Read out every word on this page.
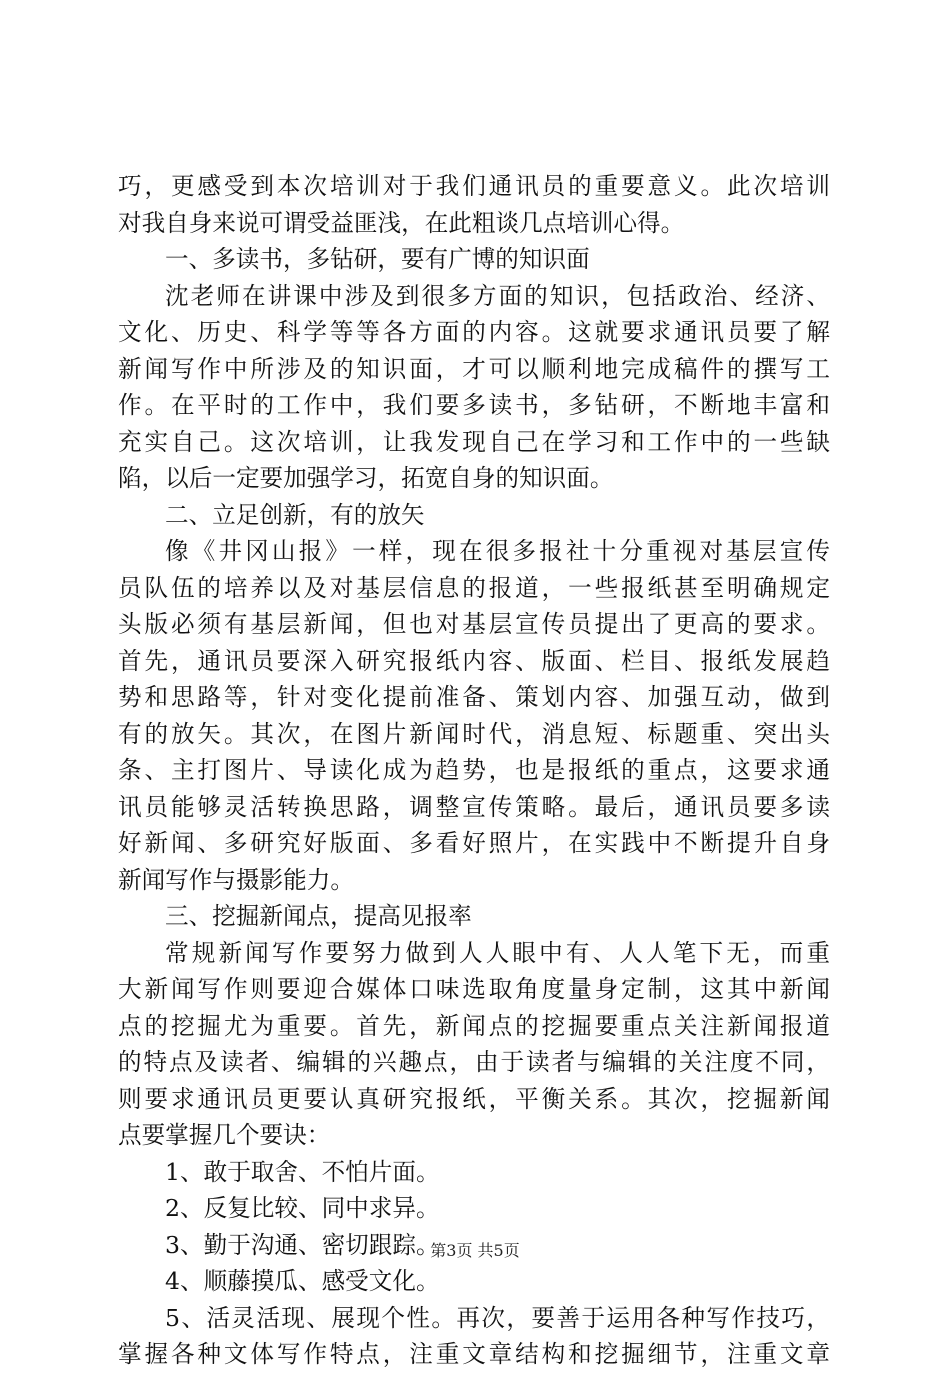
巧，更感受到本次培训对于我们通讯员的重要意义。此次培训
对我自身来说可谓受益匪浅，在此粗谈几点培训心得。
一、多读书，多钻研，要有广博的知识面
沈老师在讲课中涉及到很多方面的知识，包括政治、经济、
文化、历史、科学等等各方面的内容。这就要求通讯员要了解
新闻写作中所涉及的知识面，才可以顺利地完成稿件的撰写工
作。在平时的工作中，我们要多读书，多钻研，不断地丰富和
充实自己。这次培训，让我发现自己在学习和工作中的一些缺
陷，以后一定要加强学习，拓宽自身的知识面。
二、立足创新，有的放矢
像《井冈山报》一样，现在很多报社十分重视对基层宣传
员队伍的培养以及对基层信息的报道，一些报纸甚至明确规定
头版必须有基层新闻，但也对基层宣传员提出了更高的要求。
首先，通讯员要深入研究报纸内容、版面、栏目、报纸发展趋
势和思路等，针对变化提前准备、策划内容、加强互动，做到
有的放矢。其次，在图片新闻时代，消息短、标题重、突出头
条、主打图片、导读化成为趋势，也是报纸的重点，这要求通
讯员能够灵活转换思路，调整宣传策略。最后，通讯员要多读
好新闻、多研究好版面、多看好照片，在实践中不断提升自身
新闻写作与摄影能力。
三、挖掘新闻点，提高见报率
常规新闻写作要努力做到人人眼中有、人人笔下无，而重
大新闻写作则要迎合媒体口味选取角度量身定制，这其中新闻
点的挖掘尤为重要。首先，新闻点的挖掘要重点关注新闻报道
的特点及读者、编辑的兴趣点，由于读者与编辑的关注度不同，
则要求通讯员更要认真研究报纸，平衡关系。其次，挖掘新闻
点要掌握几个要诀：
1、敢于取舍、不怕片面。
2、反复比较、同中求异。
3、勤于沟通、密切跟踪。
4、顺藤摸瓜、感受文化。
5、活灵活现、展现个性。再次，要善于运用各种写作技巧，
掌握各种文体写作特点，注重文章结构和挖掘细节，注重文章
第3页 共5页
